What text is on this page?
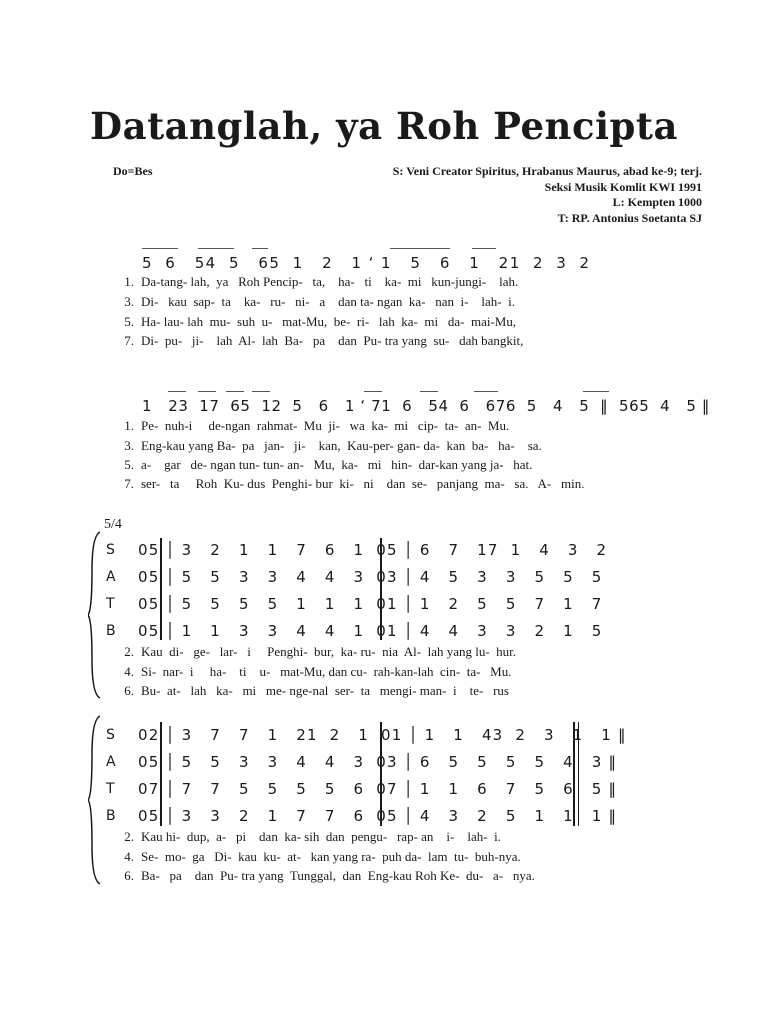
Datanglah, ya Roh Pencipta
Do=Bes	S: Veni Creator Spiritus, Hrabanus Maurus, abad ke-9; terj.
Seksi Musik Komlit KWI 1991
L: Kempten 1000
T: RP. Antonius Soetanta SJ
5  6   54  5   65  1   2   1 ʻ 1   5   6   1   21  2  3  2
1. Da-tang- lah,  ya   Roh Pencip-   ta,    ha-   ti    ka-  mi   kun-jungi-    lah.
3. Di-   kau  sap-  ta    ka-   ru-   ni-   a    dan ta- ngan  ka-   nan  i-    lah-  i.
5. Ha- lau- lah  mu-  suh  u-   mat-Mu,  be-  ri-   lah  ka-  mi   da-  mai-Mu,
7. Di-  pu-   ji-    lah  Al-  lah  Ba-   pa    dan  Pu- tra yang  su-   dah bangkit,
1   23  17  65  12  5   6   1 ʻ 71  6   54  6   676  5   4   5  ‖  565  4   5 ‖
1. Pe-  nuh-i     de-ngan  rahmat-  Mu  ji-   wa  ka-  mi   cip-  ta-  an-  Mu.
3. Eng-kau yang Ba-  pa   jan-   ji-    kan,  Kau-per- gan- da-  kan  ba-   ha-    sa.
5. a-    gar   de- ngan tun- tun- an-   Mu,  ka-   mi   hin-  dar-kan yang ja-   hat.
7. ser-   ta     Roh  Ku- dus  Penghi- bur  ki-   ni    dan  se-   panjang  ma-   sa.   A-   min.
5/4
S
A
T
B
05 │ 3   2   1   1   7   6   1  05 │ 6   7   17  1   4   3   2
05 │ 5   5   3   3   4   4   3  03 │ 4   5   3   3   5   5   5
05 │ 5   5   5   5   1   1   1  01 │ 1   2   5   5   7   1   7
05 │ 1   1   3   3   4   4   1  01 │ 4   4   3   3   2   1   5
2. Kau  di-   ge-   lar-   i     Penghi-  bur,  ka- ru-  nia  Al-  lah yang lu-  hur.
4. Si-  nar-  i     ha-    ti    u-   mat-Mu, dan cu-  rah-kan-lah  cin-  ta-   Mu.
6. Bu-  at-   lah   ka-   mi   me- nge-nal  ser-  ta   mengi- man-  i    te-   rus
S
A
T
B
02 │ 3   7   7   1   21  2   1  01 │ 1   1   43  2   3   1   1 ‖
05 │ 5   5   3   3   4   4   3  03 │ 6   5   5   5   5   4   3 ‖
07 │ 7   7   5   5   5   5   6  07 │ 1   1   6   7   5   6   5 ‖
05 │ 3   3   2   1   7   7   6  05 │ 4   3   2   5   1   1   1 ‖
2. Kau hi-  dup,  a-   pi    dan  ka- sih  dan  pengu-   rap- an    i-    lah-  i.
4. Se-  mo-  ga   Di-  kau  ku-  at-   kan yang ra-  puh da-  lam  tu-  buh-nya.
6. Ba-   pa    dan  Pu- tra yang  Tunggal,  dan  Eng-kau Roh Ke-  du-   a-   nya.
